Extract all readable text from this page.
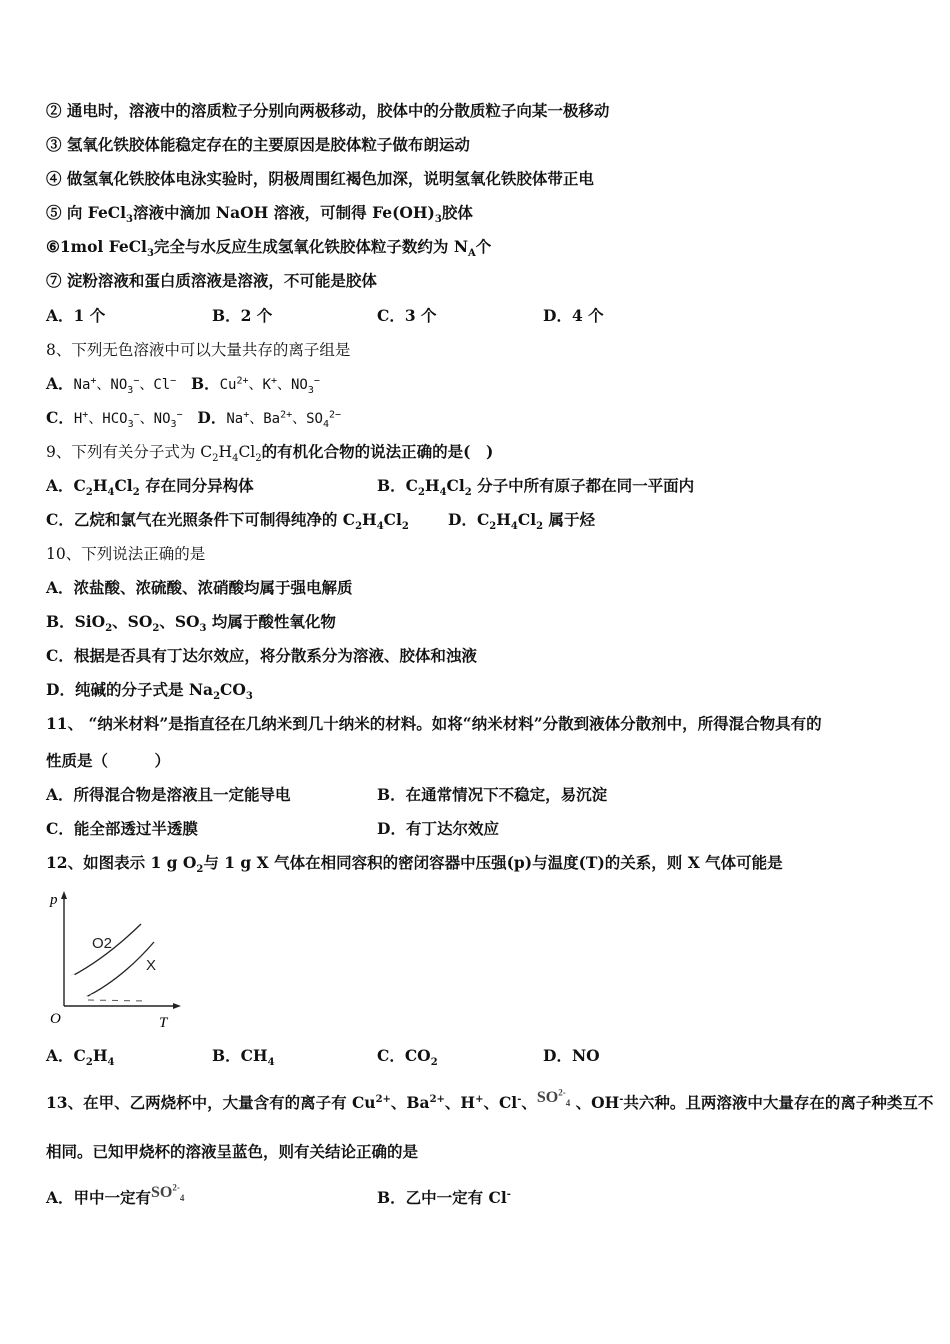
② 通电时，溶液中的溶质粒子分别向两极移动，胶体中的分散质粒子向某一极移动
③ 氢氧化铁胶体能稳定存在的主要原因是胶体粒子做布朗运动
④ 做氢氧化铁胶体电泳实验时，阴极周围红褐色加深，说明氢氧化铁胶体带正电
⑤ 向 FeCl$_3$溶液中滴加 NaOH 溶液，可制得 $Fe(OH)_3$胶体
⑥1mol FeCl$_3$完全与水反应生成氢氧化铁胶体粒子数约为 $N_A$个
⑦ 淀粉溶液和蛋白质溶液是溶液，不可能是胶体
A．1 个	B．2 个	C．3 个	D．4 个
8、下列无色溶液中可以大量共存的离子组是
A．Na+、$NO_3^-$、Cl− B．$Cu^{2+}$、K+、$NO_3^-$
C．H+、$HCO_3^-$、$NO_3^-$ D．Na+、$Ba^{2+}$、$SO_4^{2-}$
9、下列有关分子式为 $C_2H_4Cl_2$的有机化合物的说法正确的是(　)
A．$C_2H_4Cl_2$ 存在同分异构体	B．$C_2H_4Cl_2$ 分子中所有原子都在同一平面内
C．乙烷和氯气在光照条件下可制得纯净的 $C_2H_4Cl_2$	D．$C_2H_4Cl_2$ 属于烃
10、下列说法正确的是
A．浓盐酸、浓硫酸、浓硝酸均属于强电解质
B．SiO$_2$、$SO_2$、$SO_3$ 均属于酸性氧化物
C．根据是否具有丁达尔效应，将分散系分为溶液、胶体和浊液
D．纯碱的分子式是 $Na_2CO_3$
11、 “纳米材料”是指直径在几纳米到几十纳米的材料。如将“纳米材料”分散到液体分散剂中，所得混合物具有的
性质是（　　　）
A．所得混合物是溶液且一定能导电	B．在通常情况下不稳定，易沉淀
C．能全部透过半透膜	D．有丁达尔效应
12、如图表示 1 g $O_2$与 1 g X 气体在相同容积的密闭容器中压强(p)与温度(T)的关系，则 X 气体可能是
p
T
O
O2
X
A．$C_2H_4$	B．$CH_4$	C．$CO_2$	D．NO
13、在甲、乙两烧杯中，大量含有的离子有 $Cu^{2+}$、$Ba^{2+}$、H+、Cl-、$SO^{2-}_4$ 、OH-共六种。且两溶液中大量存在的离子种类互不
相同。已知甲烧杯的溶液呈蓝色，则有关结论正确的是
A．甲中一定有$SO^{2-}_4$	B．乙中一定有 Cl-
